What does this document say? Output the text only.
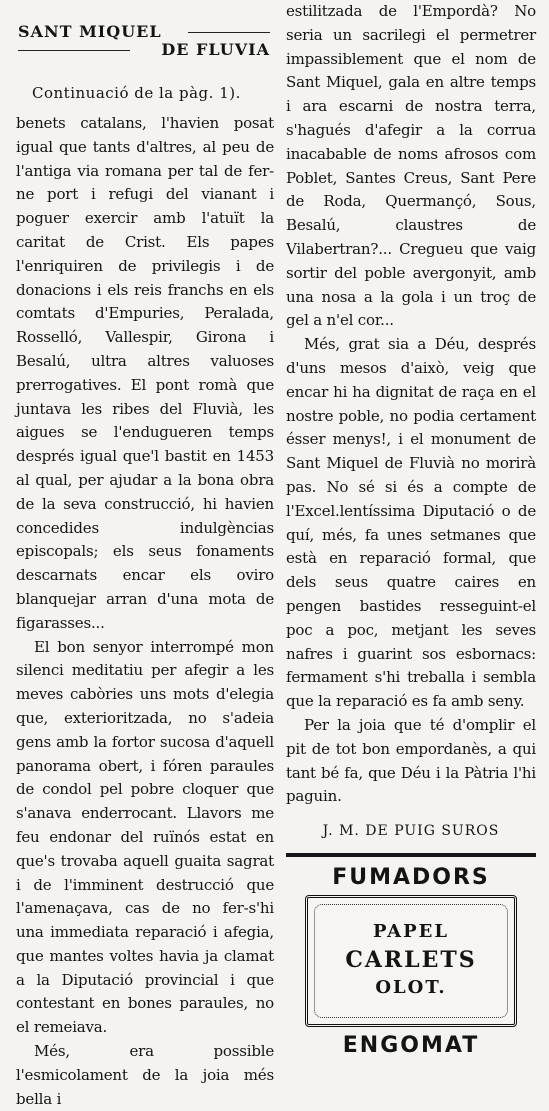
SANT MIQUEL
DE FLUVIA
Continuació de la pàg. 1).

benets catalans, l'havien posat igual que tants d'altres, al peu de l'antiga via romana per tal de fer-ne port i refugi del vianant i poguer exercir amb l'atuït la caritat de Crist. Els papes l'enriquiren de privilegis i de donacions i els reis franchs en els comtats d'Empuries, Peralada, Rosselló, Vallespir, Girona i Besalú, ultra altres valuoses prerrogatives. El pont romà que juntava les ribes del Fluvià, les aigues se l'endugueren temps després igual que'l bastit en 1453 al qual, per ajudar a la bona obra de la seva construcció, hi havien concedides indulgèncias episcopals; els seus fonaments descarnats encar els oviro blanquejar arran d'una mota de figarasses...

El bon senyor interrompé mon silenci meditatiu per afegir a les meves cabòries uns mots d'elegia que, exterioritzada, no s'adeia gens amb la fortor sucosa d'aquell panorama obert, i fóren paraules de condol pel pobre cloquer que s'anava enderrocant. Llavors me feu endonar del ruïnós estat en que's trovaba aquell guaita sagrat i de l'imminent destrucció que l'amenaçava, cas de no fer-s'hi una immediata reparació i afegia, que mantes voltes havia ja clamat a la Diputació provincial i que contestant en bones paraules, no el remeiava.

Més, era possible l'esmicolament de la joia més bella i

estilitzada de l'Empordà? No seria un sacrilegi el permetrer impassiblement que el nom de Sant Miquel, gala en altre temps i ara escarni de nostra terra, s'hagués d'afegir a la corrua inacabable de noms afrosos com Poblet, Santes Creus, Sant Pere de Roda, Quermançó, Sous, Besalú, claustres de Vilabertran?... Cregueu que vaig sortir del poble avergonyit, amb una nosa a la gola i un troç de gel a n'el cor...

Més, grat sia a Déu, després d'uns mesos d'això, veig que encar hi ha dignitat de raça en el nostre poble, no podia certament ésser menys!, i el monument de Sant Miquel de Fluvià no morirà pas. No sé si és a compte de l'Excel.lentíssima Diputació o de quí, més, fa unes setmanes que està en reparació formal, que dels seus quatre caires en pengen bastides resseguint-el poc a poc, metjant les seves nafres i guarint sos esbornacs: fermament s'hi treballa i sembla que la reparació es fa amb seny.

Per la joia que té d'omplir el pit de tot bon empordanès, a qui tant bé fa, que Déu i la Pàtria l'hi paguin.

J. M. DE PUIG SUROS
FUMADORS
PAPEL
CARLETS
OLOT.
ENGOMAT
